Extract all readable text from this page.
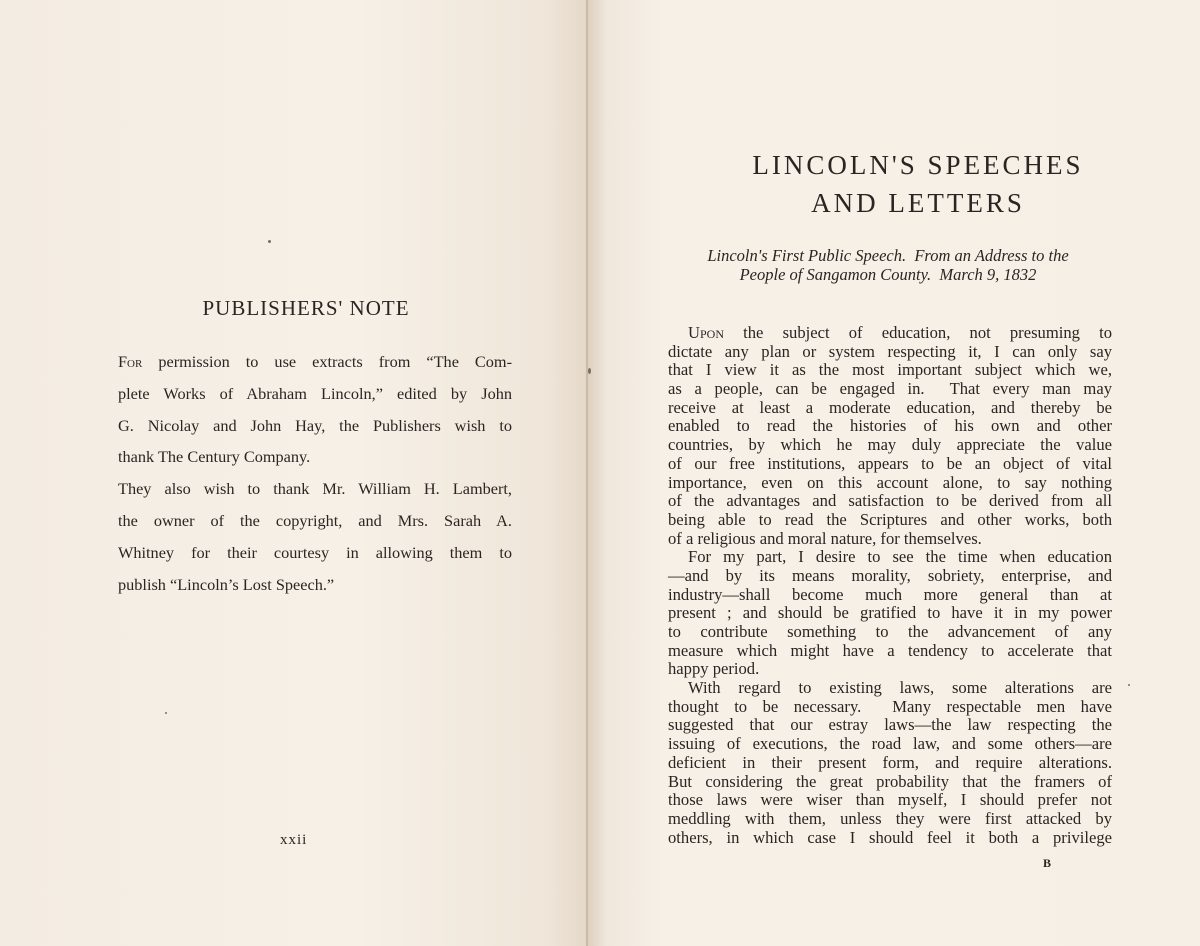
PUBLISHERS' NOTE
For permission to use extracts from “The Com-
plete Works of Abraham Lincoln,” edited by John
G. Nicolay and John Hay, the Publishers wish to
thank The Century Company.
They also wish to thank Mr. William H. Lambert,
the owner of the copyright, and Mrs. Sarah A.
Whitney for their courtesy in allowing them to
publish “Lincoln’s Lost Speech.”
xxii
LINCOLN'S SPEECHES
AND LETTERS
Lincoln's First Public Speech.  From an Address to the
People of Sangamon County.  March 9, 1832
Upon the subject of education, not presuming to
dictate any plan or system respecting it, I can only say
that I view it as the most important subject which we,
as a people, can be engaged in.  That every man may
receive at least a moderate education, and thereby be
enabled to read the histories of his own and other
countries, by which he may duly appreciate the value
of our free institutions, appears to be an object of vital
importance, even on this account alone, to say nothing
of the advantages and satisfaction to be derived from all
being able to read the Scriptures and other works, both
of a religious and moral nature, for themselves.
For my part, I desire to see the time when education
—and by its means morality, sobriety, enterprise, and
industry—shall become much more general than at
present ; and should be gratified to have it in my power
to contribute something to the advancement of any
measure which might have a tendency to accelerate that
happy period.
With regard to existing laws, some alterations are
thought to be necessary.  Many respectable men have
suggested that our estray laws—the law respecting the
issuing of executions, the road law, and some others—are
deficient in their present form, and require alterations.
But considering the great probability that the framers of
those laws were wiser than myself, I should prefer not
meddling with them, unless they were first attacked by
others, in which case I should feel it both a privilege
B
